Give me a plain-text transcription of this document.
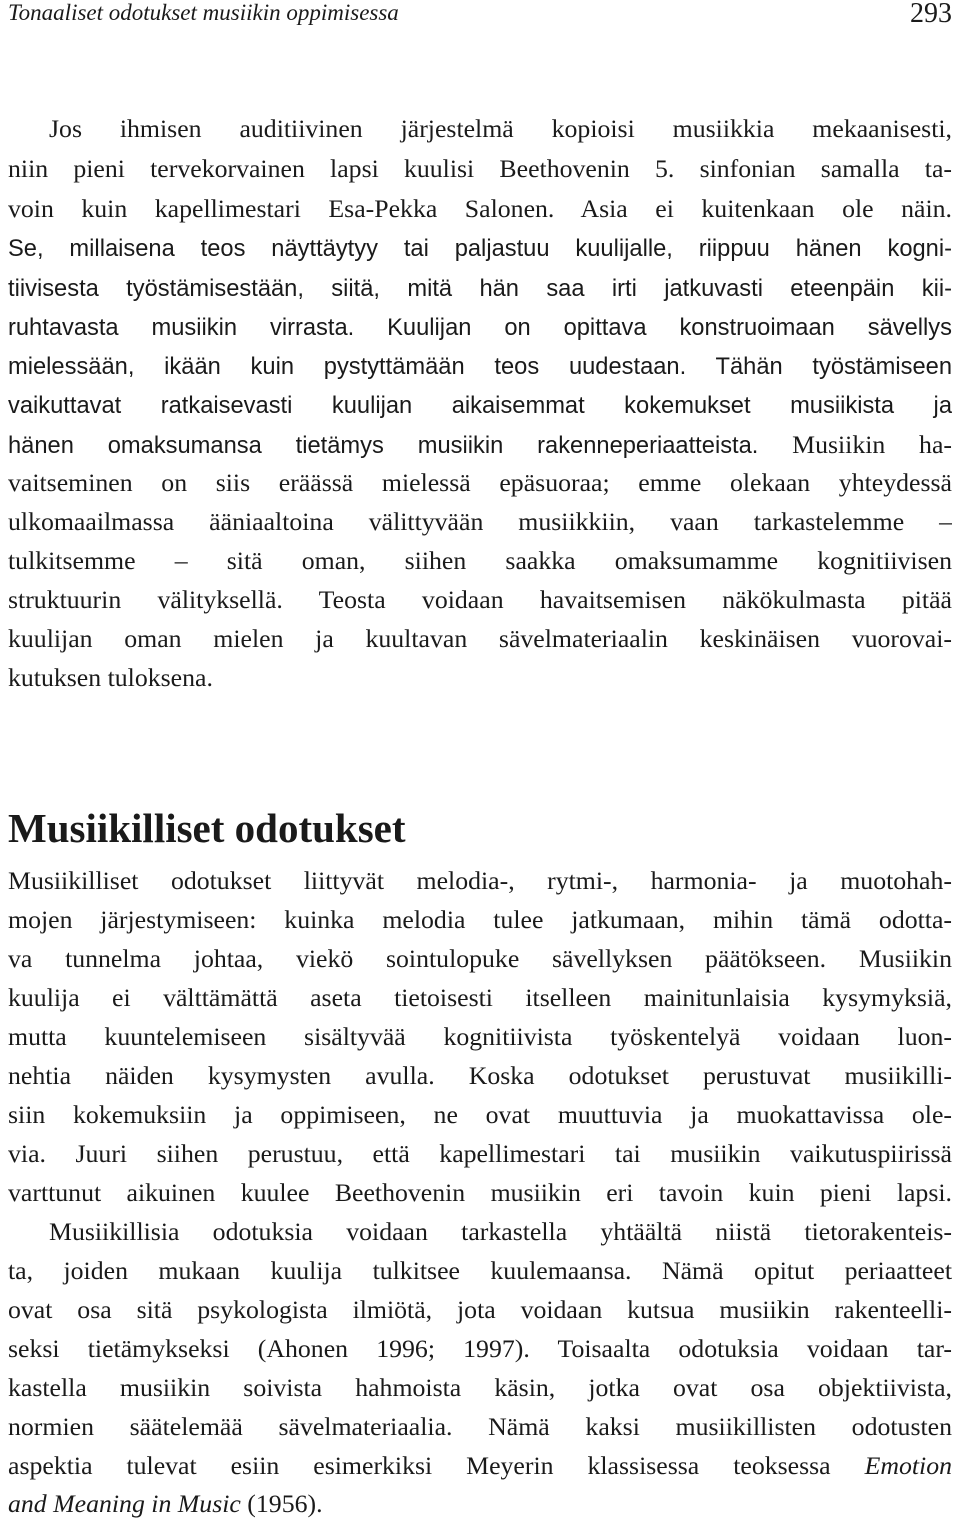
Tonaaliset odotukset musiikin oppimisessa	293
Jos ihmisen auditiivinen järjestelmä kopioisi musiikkia mekaanisesti,
niin pieni tervekorvainen lapsi kuulisi Beethovenin 5. sinfonian samalla ta-
voin kuin kapellimestari Esa-Pekka Salonen. Asia ei kuitenkaan ole näin.
Se, millaisena teos näyttäytyy tai paljastuu kuulijalle, riippuu hänen kogni-
tiivisesta työstämisestään, siitä, mitä hän saa irti jatkuvasti eteenpäin kii-
ruhtavasta musiikin virrasta. Kuulijan on opittava konstruoimaan sävellys
mielessään, ikään kuin pystyttämään teos uudestaan. Tähän työstämiseen
vaikuttavat ratkaisevasti kuulijan aikaisemmat kokemukset musiikista ja
hänen omaksumansa tietämys musiikin rakenneperiaatteista. Musiikin ha-
vaitseminen on siis eräässä mielessä epäsuoraa; emme olekaan yhteydessä
ulkomaailmassa ääniaaltoina välittyvään musiikkiin, vaan tarkastelemme –
tulkitsemme – sitä oman, siihen saakka omaksumamme kognitiivisen
struktuurin välityksellä. Teosta voidaan havaitsemisen näkökulmasta pitää
kuulijan oman mielen ja kuultavan sävelmateriaalin keskinäisen vuorovai-
kutuksen tuloksena.
Musiikilliset odotukset
Musiikilliset odotukset liittyvät melodia-, rytmi-, harmonia- ja muotohah-
mojen järjestymiseen: kuinka melodia tulee jatkumaan, mihin tämä odotta-
va tunnelma johtaa, viekö sointulopuke sävellyksen päätökseen. Musiikin
kuulija ei välttämättä aseta tietoisesti itselleen mainitunlaisia kysymyksiä,
mutta kuuntelemiseen sisältyvää kognitiivista työskentelyä voidaan luon-
nehtia näiden kysymysten avulla. Koska odotukset perustuvat musiikilli-
siin kokemuksiin ja oppimiseen, ne ovat muuttuvia ja muokattavissa ole-
via. Juuri siihen perustuu, että kapellimestari tai musiikin vaikutuspiirissä
varttunut aikuinen kuulee Beethovenin musiikin eri tavoin kuin pieni lapsi.
Musiikillisia odotuksia voidaan tarkastella yhtäältä niistä tietorakenteis-
ta, joiden mukaan kuulija tulkitsee kuulemaansa. Nämä opitut periaatteet
ovat osa sitä psykologista ilmiötä, jota voidaan kutsua musiikin rakenteelli-
seksi tietämykseksi (Ahonen 1996; 1997). Toisaalta odotuksia voidaan tar-
kastella musiikin soivista hahmoista käsin, jotka ovat osa objektiivista,
normien säätelemää sävelmateriaalia. Nämä kaksi musiikillisten odotusten
aspektia tulevat esiin esimerkiksi Meyerin klassisessa teoksessa Emotion
and Meaning in Music (1956).
